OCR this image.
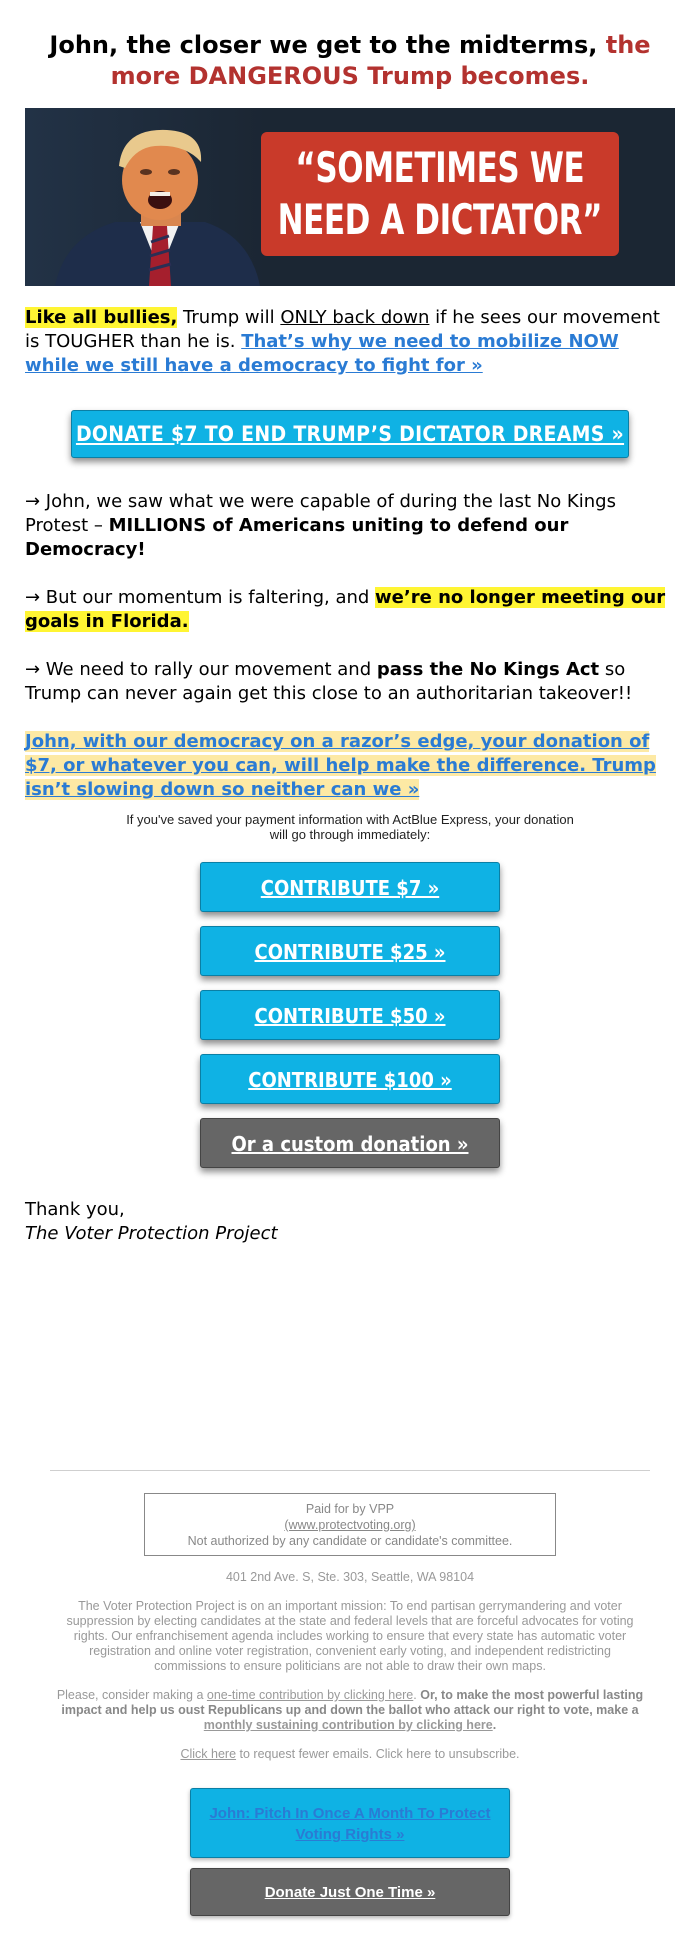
John, the closer we get to the midterms, the more DANGEROUS Trump becomes.
“SOMETIMES WE
NEED A DICTATOR”

Like all bullies, Trump will ONLY back down if he sees our movement is TOUGHER than he is. That’s why we need to mobilize NOW while we still have a democracy to fight for »

DONATE $7 TO END TRUMP’S DICTATOR DREAMS »

→ John, we saw what we were capable of during the last No Kings Protest – MILLIONS of Americans uniting to defend our Democracy!

→ But our momentum is faltering, and we’re no longer meeting our goals in Florida.

→ We need to rally our movement and pass the No Kings Act so Trump can never again get this close to an authoritarian takeover!!

John, with our democracy on a razor’s edge, your donation of $7, or whatever you can, will help make the difference. Trump isn’t slowing down so neither can we »

If you've saved your payment information with ActBlue Express, your donation will go through immediately:

CONTRIBUTE $7 »
CONTRIBUTE $25 »
CONTRIBUTE $50 »
CONTRIBUTE $100 »
Or a custom donation »

Thank you,
The Voter Protection Project

Paid for by VPP
(www.protectvoting.org)
Not authorized by any candidate or candidate's committee.

401 2nd Ave. S, Ste. 303, Seattle, WA 98104

The Voter Protection Project is on an important mission: To end partisan gerrymandering and voter suppression by electing candidates at the state and federal levels that are forceful advocates for voting rights. Our enfranchisement agenda includes working to ensure that every state has automatic voter registration and online voter registration, convenient early voting, and independent redistricting commissions to ensure politicians are not able to draw their own maps.

Please, consider making a one-time contribution by clicking here. Or, to make the most powerful lasting impact and help us oust Republicans up and down the ballot who attack our right to vote, make a monthly sustaining contribution by clicking here.

Click here to request fewer emails. Click here to unsubscribe.

John: Pitch In Once A Month To Protect Voting Rights »
Donate Just One Time »
